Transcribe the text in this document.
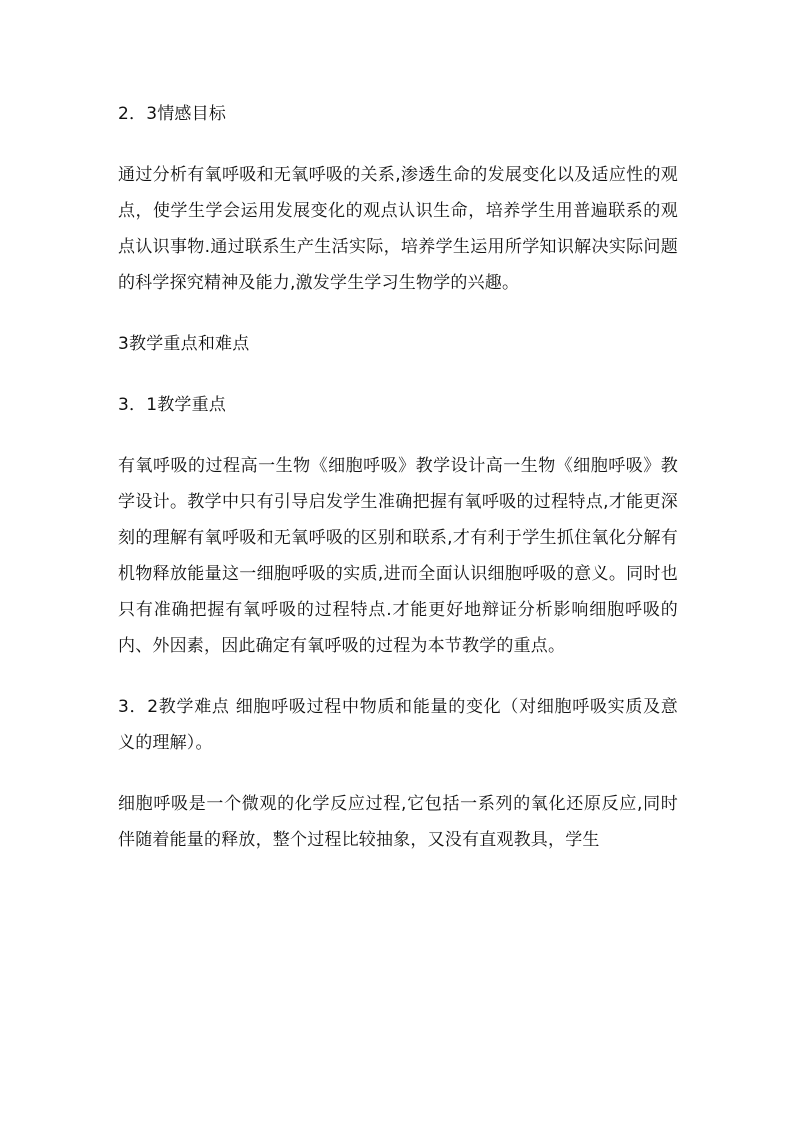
2．3情感目标

通过分析有氧呼吸和无氧呼吸的关系,渗透生命的发展变化以及适应性的观点，使学生学会运用发展变化的观点认识生命，培养学生用普遍联系的观点认识事物.通过联系生产生活实际，培养学生运用所学知识解决实际问题的科学探究精神及能力,激发学生学习生物学的兴趣。

3教学重点和难点

3．1教学重点

有氧呼吸的过程高一生物《细胞呼吸》教学设计高一生物《细胞呼吸》教学设计。教学中只有引导启发学生准确把握有氧呼吸的过程特点,才能更深刻的理解有氧呼吸和无氧呼吸的区别和联系,才有利于学生抓住氧化分解有机物释放能量这一细胞呼吸的实质,进而全面认识细胞呼吸的意义。同时也只有准确把握有氧呼吸的过程特点.才能更好地辩证分析影响细胞呼吸的内、外因素，因此确定有氧呼吸的过程为本节教学的重点。

3．2教学难点 细胞呼吸过程中物质和能量的变化（对细胞呼吸实质及意义的理解）。

细胞呼吸是一个微观的化学反应过程,它包括一系列的氧化还原反应,同时伴随着能量的释放，整个过程比较抽象，又没有直观教具，学生
